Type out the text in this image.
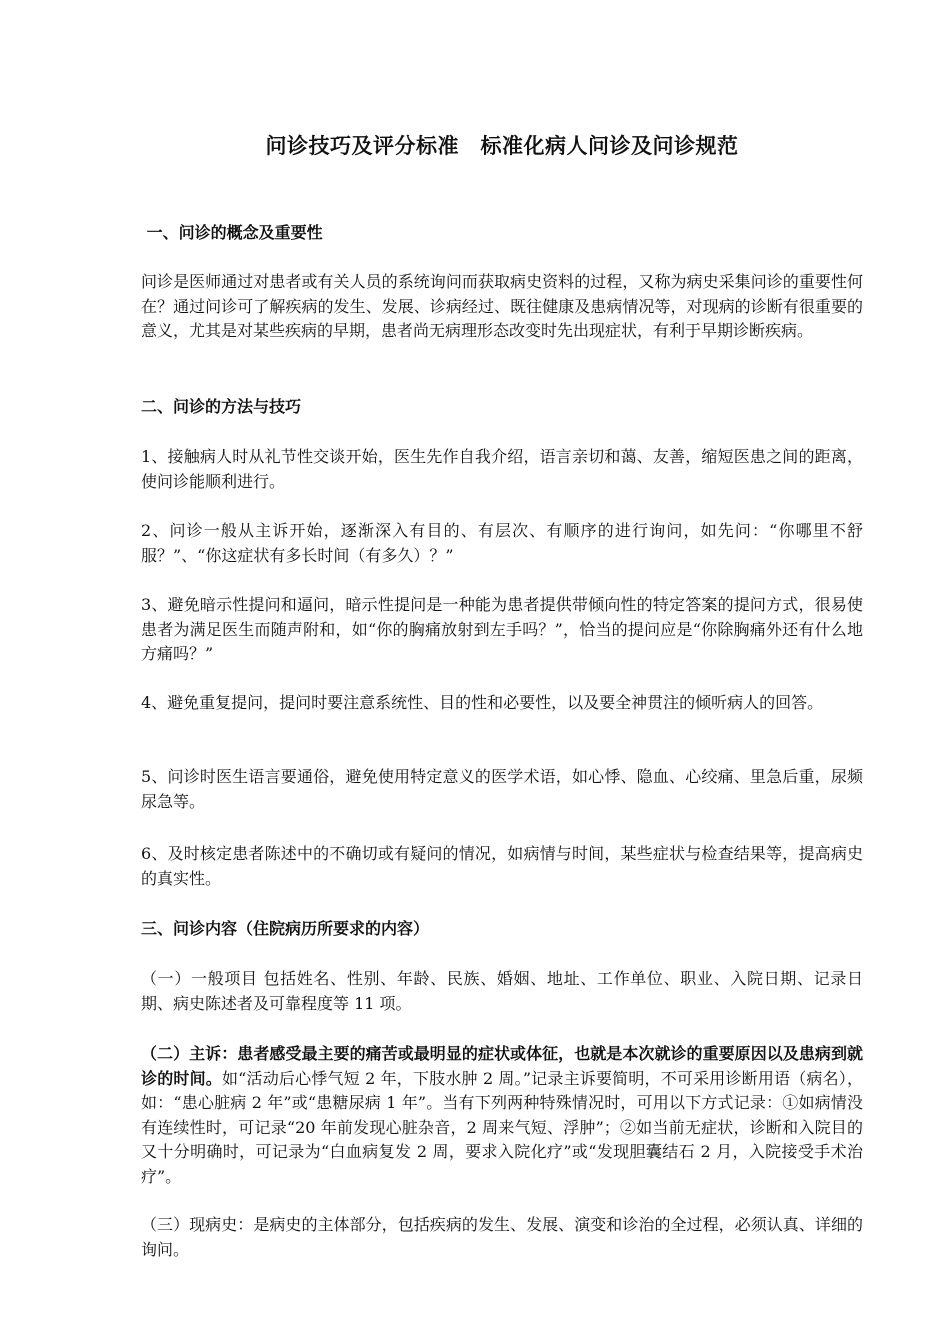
问诊技巧及评分标准　标准化病人问诊及问诊规范
一、问诊的概念及重要性

问诊是医师通过对患者或有关人员的系统询问而获取病史资料的过程，又称为病史采集问诊的重要性何在？通过问诊可了解疾病的发生、发展、诊病经过、既往健康及患病情况等，对现病的诊断有很重要的意义，尤其是对某些疾病的早期，患者尚无病理形态改变时先出现症状，有利于早期诊断疾病。

二、问诊的方法与技巧

1、接触病人时从礼节性交谈开始，医生先作自我介绍，语言亲切和蔼、友善，缩短医患之间的距离，使问诊能顺利进行。

2、问诊一般从主诉开始，逐渐深入有目的、有层次、有顺序的进行询问，如先问：“你哪里不舒服？”、“你这症状有多长时间（有多久）？”

3、避免暗示性提问和逼问，暗示性提问是一种能为患者提供带倾向性的特定答案的提问方式，很易使患者为满足医生而随声附和，如“你的胸痛放射到左手吗？”，恰当的提问应是“你除胸痛外还有什么地方痛吗？”

4、避免重复提问，提问时要注意系统性、目的性和必要性，以及要全神贯注的倾听病人的回答。

5、问诊时医生语言要通俗，避免使用特定意义的医学术语，如心悸、隐血、心绞痛、里急后重，尿频尿急等。

6、及时核定患者陈述中的不确切或有疑问的情况，如病情与时间，某些症状与检查结果等，提高病史的真实性。

三、问诊内容（住院病历所要求的内容）

（一）一般项目 包括姓名、性别、年龄、民族、婚姻、地址、工作单位、职业、入院日期、记录日期、病史陈述者及可靠程度等 11 项。

（二）主诉：患者感受最主要的痛苦或最明显的症状或体征，也就是本次就诊的重要原因以及患病到就诊的时间。如“活动后心悸气短 2 年，下肢水肿 2 周。”记录主诉要简明，不可采用诊断用语（病名），如：“患心脏病 2 年”或“患糖尿病 1 年”。当有下列两种特殊情况时，可用以下方式记录：①如病情没有连续性时，可记录“20 年前发现心脏杂音，2 周来气短、浮肿”；②如当前无症状，诊断和入院目的又十分明确时，可记录为“白血病复发 2 周，要求入院化疗”或“发现胆囊结石 2 月，入院接受手术治疗”。

（三）现病史：是病史的主体部分，包括疾病的发生、发展、演变和诊治的全过程，必须认真、详细的询问。
